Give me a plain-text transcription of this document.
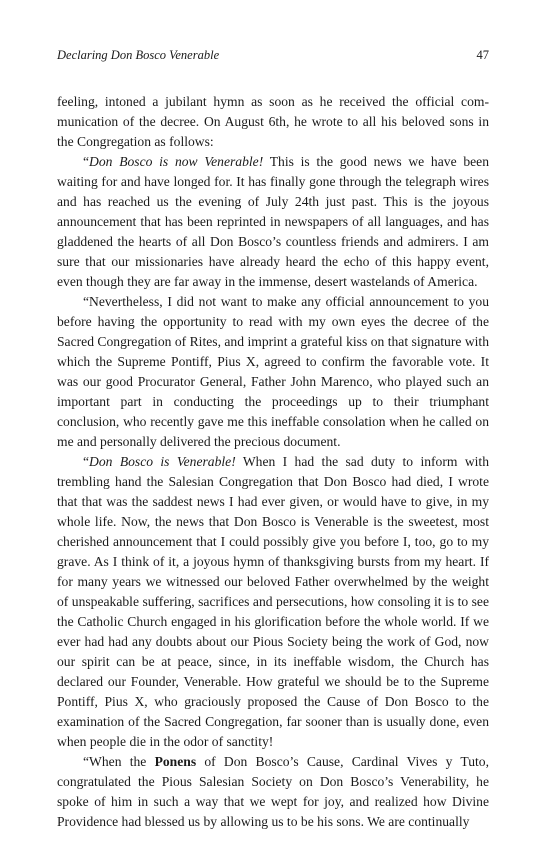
Declaring Don Bosco Venerable	47

feeling, intoned a jubilant hymn as soon as he received the official communication of the decree. On August 6th, he wrote to all his beloved sons in the Congregation as follows:

“Don Bosco is now Venerable! This is the good news we have been waiting for and have longed for. It has finally gone through the telegraph wires and has reached us the evening of July 24th just past. This is the joyous announcement that has been reprinted in newspapers of all languages, and has gladdened the hearts of all Don Bosco’s countless friends and admirers. I am sure that our missionaries have already heard the echo of this happy event, even though they are far away in the immense, desert wastelands of America.

“Nevertheless, I did not want to make any official announcement to you before having the opportunity to read with my own eyes the decree of the Sacred Congregation of Rites, and imprint a grateful kiss on that signature with which the Supreme Pontiff, Pius X, agreed to confirm the favorable vote. It was our good Procurator General, Father John Marenco, who played such an important part in conducting the proceedings up to their triumphant conclusion, who recently gave me this ineffable consolation when he called on me and personally delivered the precious document.

“Don Bosco is Venerable! When I had the sad duty to inform with trembling hand the Salesian Congregation that Don Bosco had died, I wrote that that was the saddest news I had ever given, or would have to give, in my whole life. Now, the news that Don Bosco is Venerable is the sweetest, most cherished announcement that I could possibly give you before I, too, go to my grave. As I think of it, a joyous hymn of thanksgiving bursts from my heart. If for many years we witnessed our beloved Father overwhelmed by the weight of unspeakable suffering, sacrifices and persecutions, how consoling it is to see the Catholic Church engaged in his glorification before the whole world. If we ever had had any doubts about our Pious Society being the work of God, now our spirit can be at peace, since, in its ineffable wisdom, the Church has declared our Founder, Venerable. How grateful we should be to the Supreme Pontiff, Pius X, who graciously proposed the Cause of Don Bosco to the examination of the Sacred Congregation, far sooner than is usually done, even when people die in the odor of sanctity!

“When the Ponens of Don Bosco’s Cause, Cardinal Vives y Tuto, congratulated the Pious Salesian Society on Don Bosco’s Venerability, he spoke of him in such a way that we wept for joy, and realized how Divine Providence had blessed us by allowing us to be his sons. We are continually
